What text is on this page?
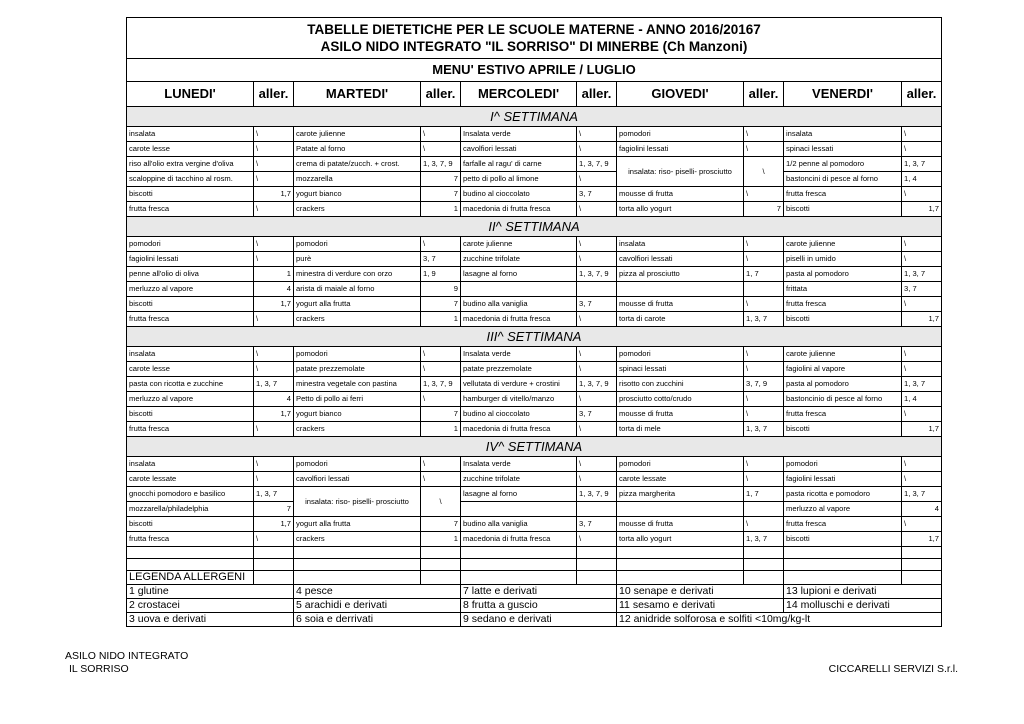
TABELLE DIETETICHE PER LE SCUOLE MATERNE - ANNO 2016/20167
ASILO NIDO INTEGRATO "IL SORRISO" DI MINERBE (Ch Manzoni)									

MENU' ESTIVO APRILE / LUGLIO									
LUNEDI'	aller.	MARTEDI'	aller.	MERCOLEDI'	aller.	GIOVEDI'	aller.	VENERDI'	aller.
I^ SETTIMANA									
insalata	\	carote julienne	\	Insalata verde	\	pomodori	\	insalata	\
carote lesse	\	Patate al forno	\	cavolfiori lessati	\	fagiolini lessati	\	spinaci lessati	\
riso all'olio extra vergine d'oliva	\	crema di patate/zucch. + crost.	1, 3, 7, 9	farfalle al ragu' di carne	1, 3, 7, 9	insalata: riso- piselli- prosciutto	\	1/2 penne al pomodoro	1, 3, 7
scaloppine di tacchino al rosm.	\	mozzarella	7	petto di pollo al limone	\			bastoncini di pesce al forno	1, 4
biscotti	1,7	yogurt bianco	7	budino al cioccolato	3, 7	mousse di frutta	\	frutta fresca	\
frutta fresca	\	crackers	1	macedonia di frutta fresca	\	torta allo yogurt	7	biscotti	1,7
II^ SETTIMANA									
pomodori	\	pomodori	\	carote julienne	\	insalata	\	carote julienne	\
fagiolini lessati	\	purè	3, 7	zucchine trifolate	\	cavolfiori lessati	\	piselli in umido	\
penne all'olio di oliva	1	minestra di verdure con orzo	1, 9	lasagne al forno	1, 3, 7, 9	pizza al prosciutto	1, 7	pasta al pomodoro	1, 3, 7
merluzzo al vapore	4	arista di maiale al forno	9					frittata	3, 7
biscotti	1,7	yogurt alla frutta	7	budino alla vaniglia	3, 7	mousse di frutta	\	frutta fresca	\
frutta fresca	\	crackers	1	macedonia di frutta fresca	\	torta di carote	1, 3, 7	biscotti	1,7
III^ SETTIMANA									
insalata	\	pomodori	\	Insalata verde	\	pomodori	\	carote julienne	\
carote lesse	\	patate prezzemolate	\	patate prezzemolate	\	spinaci lessati	\	fagiolini al vapore	\
pasta con ricotta e zucchine	1, 3, 7	minestra vegetale con pastina	1, 3, 7, 9	vellutata di verdure + crostini	1, 3, 7, 9	risotto con zucchini	3, 7, 9	pasta al pomodoro	1, 3, 7
merluzzo al vapore	4	Petto di pollo ai ferri	\	hamburger di vitello/manzo	\	prosciutto cotto/crudo	\	bastoncinio di pesce al forno	1, 4
biscotti	1,7	yogurt bianco	7	budino al cioccolato	3, 7	mousse di frutta	\	frutta fresca	\
frutta fresca	\	crackers	1	macedonia di frutta fresca	\	torta di mele	1, 3, 7	biscotti	1,7
IV^ SETTIMANA									
insalata	\	pomodori	\	Insalata verde	\	pomodori	\	pomodori	\
carote lessate	\	cavolfiori lessati	\	zucchine trifolate	\	carote lessate	\	fagiolini lessati	\
gnocchi pomodoro e basilico	1, 3, 7	insalata: riso- piselli- prosciutto	\	lasagne al forno	1, 3, 7, 9	pizza margherita	1, 7	pasta ricotta e pomodoro	1, 3, 7
mozzarella/philadelphia	7							merluzzo al vapore	4
biscotti	1,7	yogurt alla frutta	7	budino alla vaniglia	3, 7	mousse di frutta	\	frutta fresca	\
frutta fresca	\	crackers	1	macedonia di frutta fresca	\	torta allo yogurt	1, 3, 7	biscotti	1,7

LEGENDA ALLERGENI									
1 glutine		4 pesce		7 latte e derivati		10 senape e derivati		13 lupioni e derivati	
2 crostacei		5 arachidi e derivati		8 frutta a guscio		11 sesamo e derivati		14 molluschi e derivati	
3 uova e derivati		6 soia e derrivati		9 sedano e derivati		12 anidride solforosa e solfiti <10mg/kg-lt			
ASILO NIDO INTEGRATO
IL SORRISO	CICCARELLI SERVIZI S.r.l.
